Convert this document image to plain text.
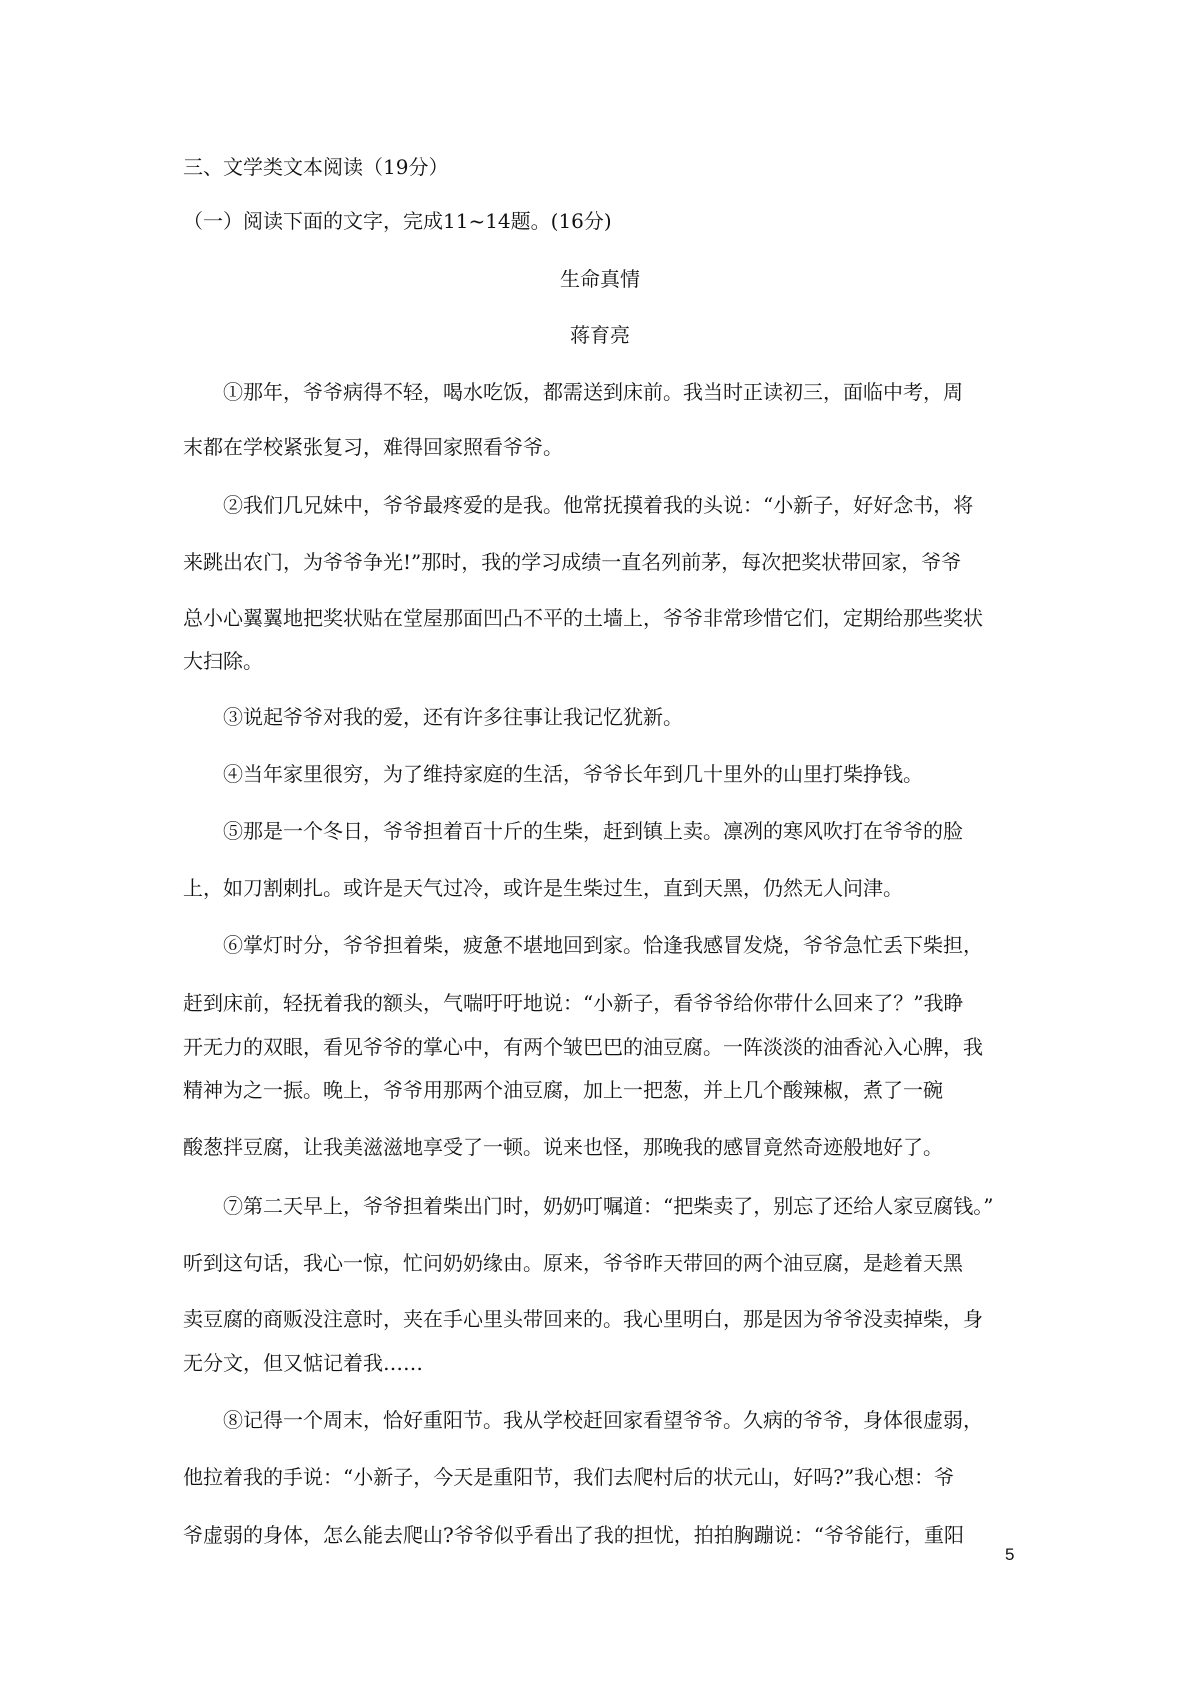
三、文学类文本阅读（19分）
（一）阅读下面的文字，完成11~14题。(16分)
生命真情
蒋育亮
①那年，爷爷病得不轻，喝水吃饭，都需送到床前。我当时正读初三，面临中考，周
末都在学校紧张复习，难得回家照看爷爷。
②我们几兄妹中，爷爷最疼爱的是我。他常抚摸着我的头说：“小新子，好好念书，将
来跳出农门，为爷爷争光!”那时，我的学习成绩一直名列前茅，每次把奖状带回家，爷爷
总小心翼翼地把奖状贴在堂屋那面凹凸不平的土墙上，爷爷非常珍惜它们，定期给那些奖状
大扫除。
③说起爷爷对我的爱，还有许多往事让我记忆犹新。
④当年家里很穷，为了维持家庭的生活，爷爷长年到几十里外的山里打柴挣钱。
⑤那是一个冬日，爷爷担着百十斤的生柴，赶到镇上卖。凛冽的寒风吹打在爷爷的脸
上，如刀割刺扎。或许是天气过冷，或许是生柴过生，直到天黑，仍然无人问津。
⑥掌灯时分，爷爷担着柴，疲惫不堪地回到家。恰逢我感冒发烧，爷爷急忙丢下柴担，
赶到床前，轻抚着我的额头，气喘吁吁地说：“小新子，看爷爷给你带什么回来了？”我睁
开无力的双眼，看见爷爷的掌心中，有两个皱巴巴的油豆腐。一阵淡淡的油香沁入心脾，我
精神为之一振。晚上，爷爷用那两个油豆腐，加上一把葱，并上几个酸辣椒，煮了一碗
酸葱拌豆腐，让我美滋滋地享受了一顿。说来也怪，那晚我的感冒竟然奇迹般地好了。
⑦第二天早上，爷爷担着柴出门时，奶奶叮嘱道：“把柴卖了，别忘了还给人家豆腐钱。”
听到这句话，我心一惊，忙问奶奶缘由。原来，爷爷昨天带回的两个油豆腐，是趁着天黑
卖豆腐的商贩没注意时，夹在手心里头带回来的。我心里明白，那是因为爷爷没卖掉柴，身
无分文，但又惦记着我……
⑧记得一个周末，恰好重阳节。我从学校赶回家看望爷爷。久病的爷爷，身体很虚弱，
他拉着我的手说：“小新子，今天是重阳节，我们去爬村后的状元山，好吗?”我心想：爷
爷虚弱的身体，怎么能去爬山?爷爷似乎看出了我的担忧，拍拍胸蹦说：“爷爷能行，重阳
5
